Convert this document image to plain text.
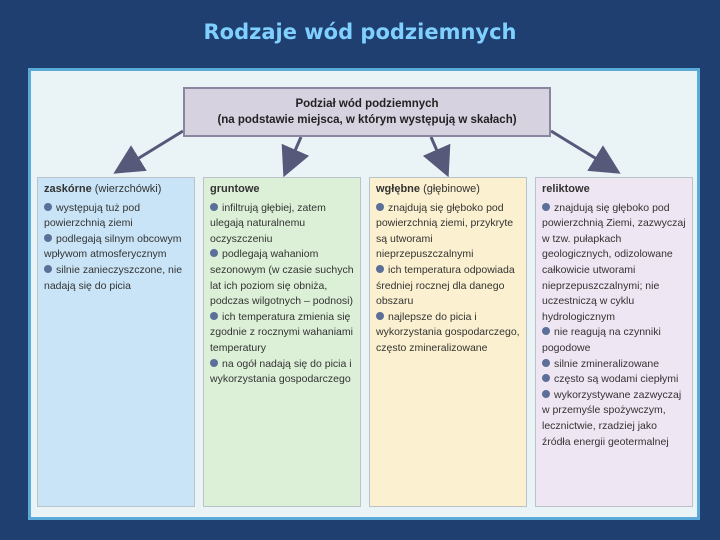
Rodzaje wód podziemnych
Podział wód podziemnych
(na podstawie miejsca, w którym występują w skałach)
zaskórne (wierzchówki)
występują tuż pod powierzchnią ziemi
podlegają silnym obcowym wpływom atmosferycznym
silnie zanieczyszczone, nie nadają się do picia
gruntowe
infiltrują głębiej, zatem ulegają naturalnemu oczyszczeniu
podlegają wahaniom sezonowym (w czasie suchych lat ich poziom się obniża, podczas wilgotnych – podnosi)
ich temperatura zmienia się zgodnie z rocznymi wahaniami temperatury
na ogół nadają się do picia i wykorzystania gospodarczego
wgłębne (głębinowe)
znajdują się głęboko pod powierzchnią ziemi, przykryte są utworami nieprzepuszczalnymi
ich temperatura odpowiada średniej rocznej dla danego obszaru
najlepsze do picia i wykorzystania gospodarczego, często zmineralizowane
reliktowe
znajdują się głęboko pod powierzchnią Ziemi, zazwyczaj w tzw. pułapkach geologicznych, odizolowane całkowicie utworami nieprzepuszczalnymi; nie uczestniczą w cyklu hydrologicznym
nie reagują na czynniki pogodowe
silnie zmineralizowane
często są wodami ciepłymi
wykorzystywane zazwyczaj w przemyśle spożywczym, lecznictwie, rzadziej jako źródła energii geotermalnej
